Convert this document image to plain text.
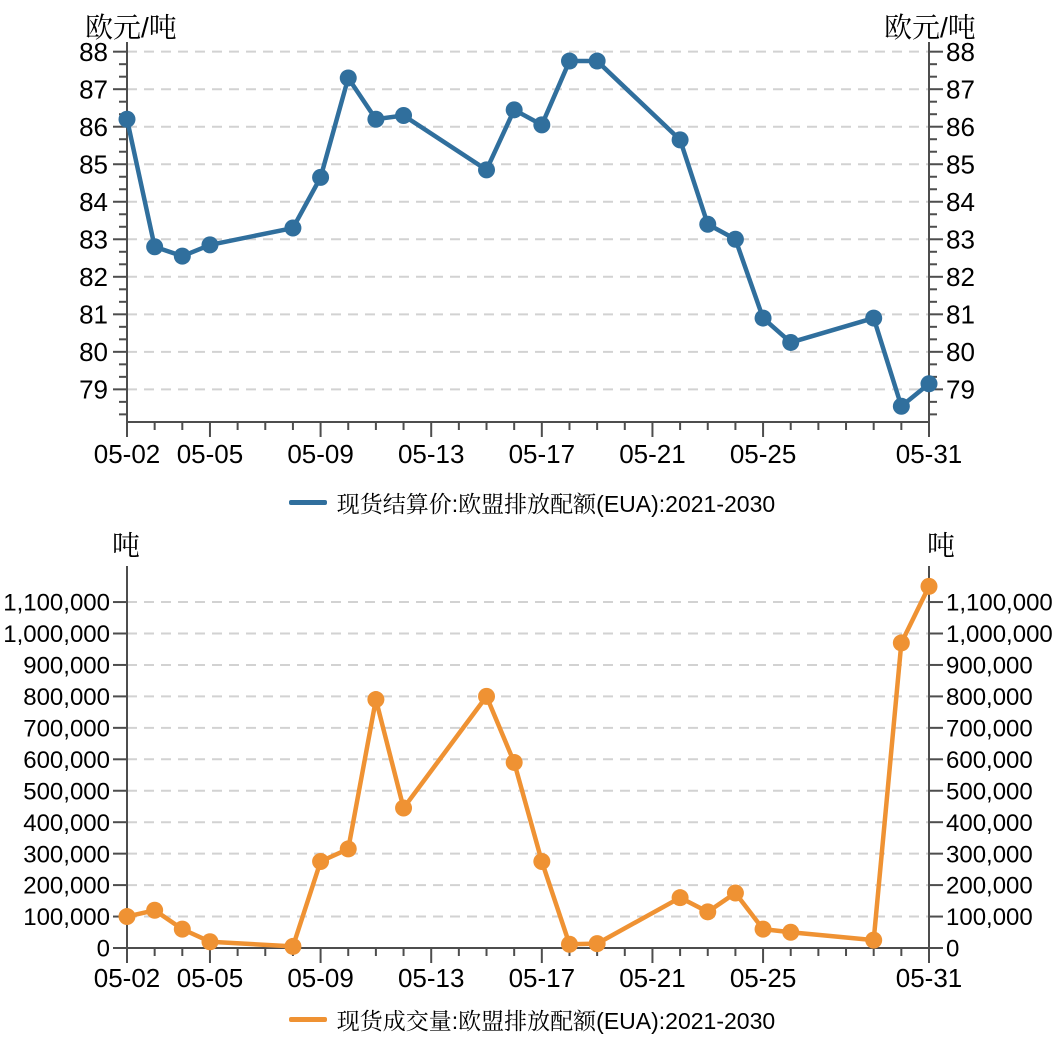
79	79
80	80
81	81
82	82
83	83
84	84
85	85
86	86
87	87
88	88
05-02 05-05 05-09 05-13 05-17 05-21 05-25	05-31
0	0
100,000	100,000
200,000	200,000
300,000	300,000
400,000	400,000
500,000	500,000
600,000	600,000
700,000	700,000
800,000	800,000
900,000	900,000
1,000,000	1,000,000
1,100,000	1,100,000
05-02 05-05 05-09 05-13 05-17 05-21 05-25	05-31
欧元/吨	欧元/吨
现货结算价:欧盟排放配额(EUA):2021-2030
吨	吨
现货成交量:欧盟排放配额(EUA):2021-2030
